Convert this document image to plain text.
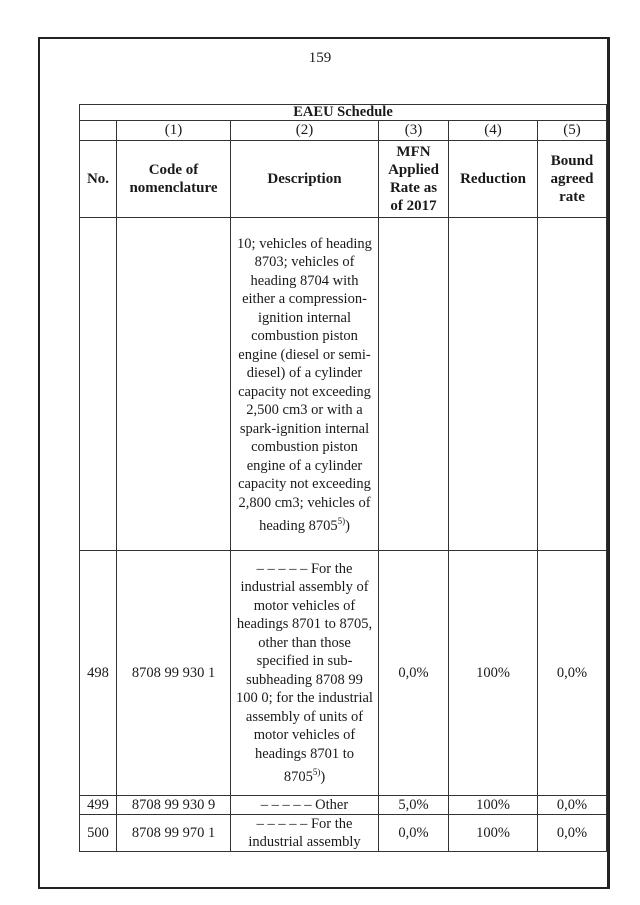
159
EAEU Schedule					
	(1)	(2)	(3)	(4)	(5)
No.	Code of nomenclature	Description	MFN Applied Rate as of 2017	Reduction	Bound agreed rate
		10; vehicles of heading 8703; vehicles of heading 8704 with either a compression-ignition internal combustion piston engine (diesel or semi-diesel) of a cylinder capacity not exceeding 2,500 cm3 or with a spark-ignition internal combustion piston engine of a cylinder capacity not exceeding 2,800 cm3; vehicles of heading 8705$^{5)}$)			
498	8708 99 930 1	– – – – – For the industrial assembly of motor vehicles of headings 8701 to 8705, other than those specified in sub-subheading 8708 99 100 0; for the industrial assembly of units of motor vehicles of headings 8701 to 8705$^{5)}$)	0,0%	100%	0,0%
499	8708 99 930 9	– – – – – Other	5,0%	100%	0,0%
500	8708 99 970 1	– – – – – For the industrial assembly	0,0%	100%	0,0%
